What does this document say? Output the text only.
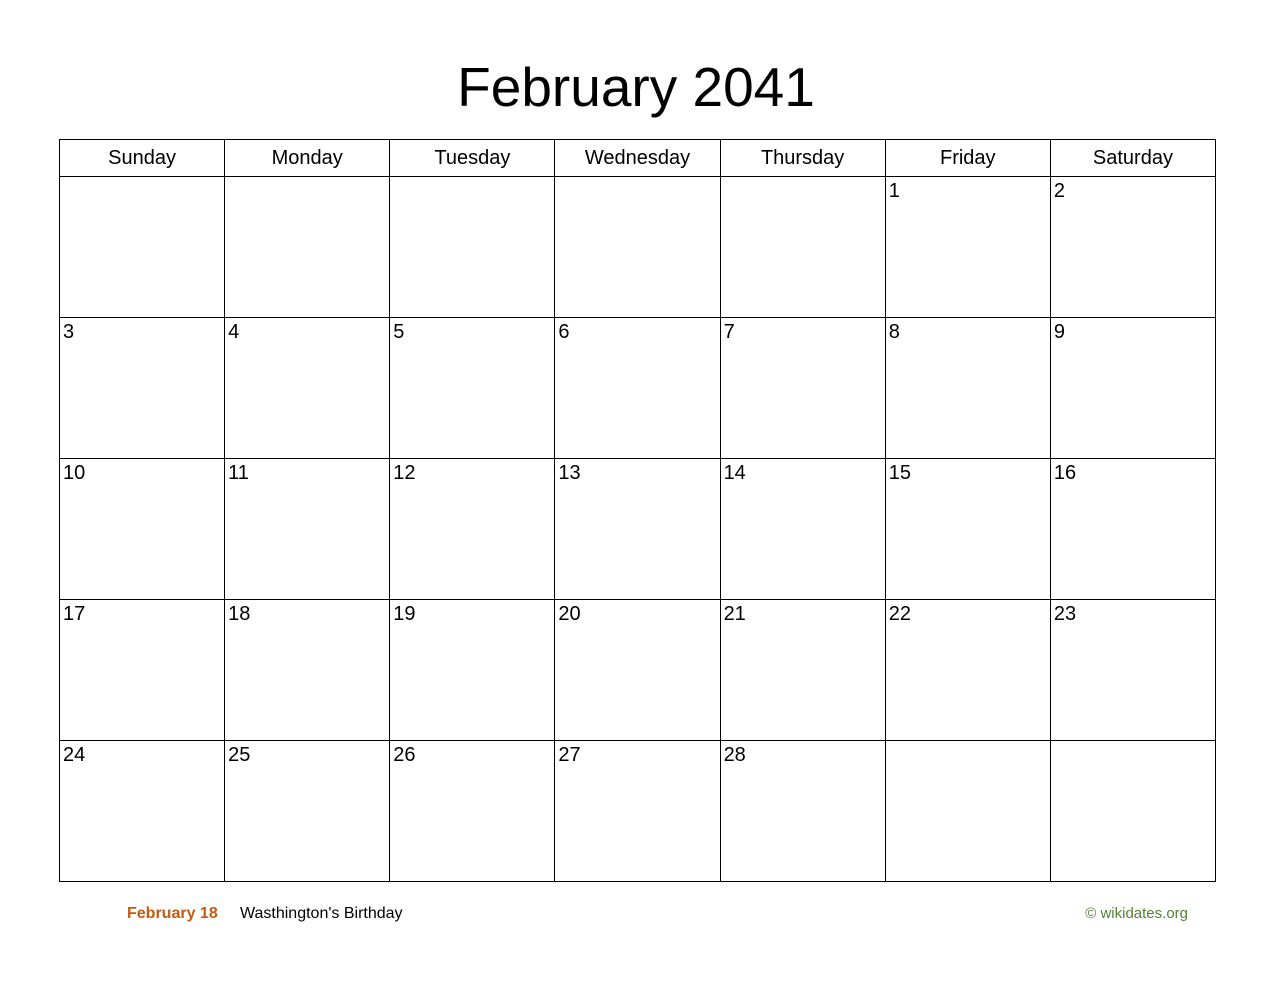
February 2041
Sunday	Monday	Tuesday	Wednesday	Thursday	Friday	Saturday

					1	2

3	4	5	6	7	8	9

10	11	12	13	14	15	16

17	18	19	20	21	22	23

24	25	26	27	28		

February 18 Wasthington's Birthday	© wikidates.org
